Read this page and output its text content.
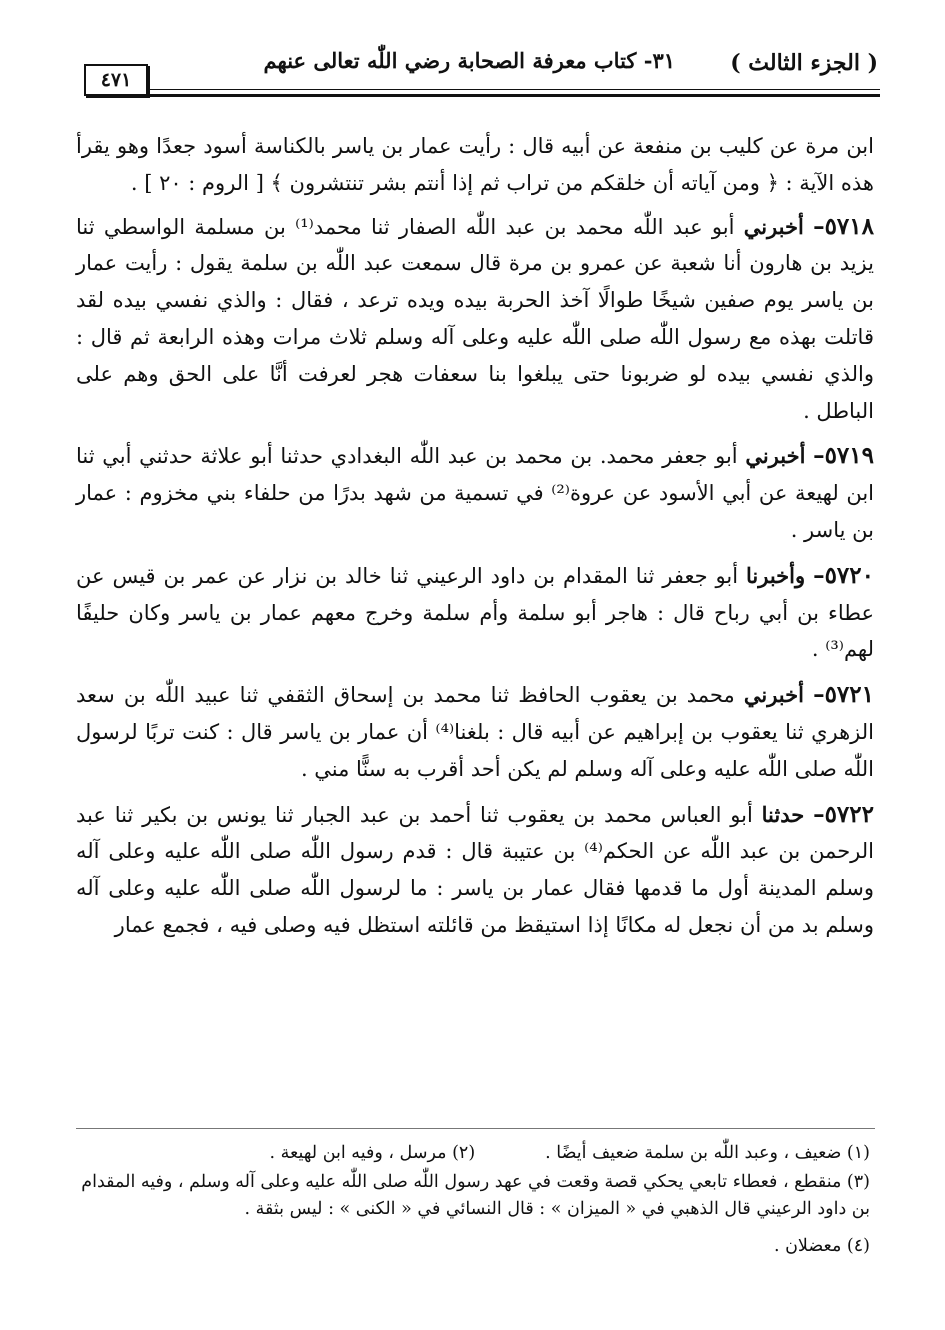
( الجزء الثالث )
٣١- كتاب معرفة الصحابة رضي اللّٰه تعالى عنهم
٤٧١

ابن مرة عن كليب بن منفعة عن أبيه قال : رأيت عمار بن ياسر بالكناسة أسود جعدًا وهو يقرأ هذه الآية : ﴿ ومن آياته أن خلقكم من تراب ثم إذا أنتم بشر تنتشرون ﴾ [ الروم : ٢٠ ] .

٥٧١٨– أخبرني أبو عبد اللّٰه محمد بن عبد اللّٰه الصفار ثنا محمد⁽¹⁾ بن مسلمة الواسطي ثنا يزيد بن هارون أنا شعبة عن عمرو بن مرة قال سمعت عبد اللّٰه بن سلمة يقول : رأيت عمار بن ياسر يوم صفين شيخًا طوالًا آخذ الحربة بيده ويده ترعد ، فقال : والذي نفسي بيده لقد قاتلت بهذه مع رسول اللّٰه صلى اللّٰه عليه وعلى آله وسلم ثلاث مرات وهذه الرابعة ثم قال : والذي نفسي بيده لو ضربونا حتى يبلغوا بنا سعفات هجر لعرفت أنَّا على الحق وهم على الباطل .

٥٧١٩– أخبرني أبو جعفر محمد. بن محمد بن عبد اللّٰه البغدادي حدثنا أبو علاثة حدثني أبي ثنا ابن لهيعة عن أبي الأسود عن عروة⁽²⁾ في تسمية من شهد بدرًا من حلفاء بني مخزوم : عمار بن ياسر .

٥٧٢٠– وأخبرنا أبو جعفر ثنا المقدام بن داود الرعيني ثنا خالد بن نزار عن عمر بن قيس عن عطاء بن أبي رباح قال : هاجر أبو سلمة وأم سلمة وخرج معهم عمار بن ياسر وكان حليفًا لهم⁽³⁾ .

٥٧٢١– أخبرني محمد بن يعقوب الحافظ ثنا محمد بن إسحاق الثقفي ثنا عبيد اللّٰه بن سعد الزهري ثنا يعقوب بن إبراهيم عن أبيه قال : بلغنا⁽⁴⁾ أن عمار بن ياسر قال : كنت تربًا لرسول اللّٰه صلى اللّٰه عليه وعلى آله وسلم لم يكن أحد أقرب به سنًّا مني .

٥٧٢٢– حدثنا أبو العباس محمد بن يعقوب ثنا أحمد بن عبد الجبار ثنا يونس بن بكير ثنا عبد الرحمن بن عبد اللّٰه عن الحكم⁽⁴⁾ بن عتيبة قال : قدم رسول اللّٰه صلى اللّٰه عليه وعلى آله وسلم المدينة أول ما قدمها فقال عمار بن ياسر : ما لرسول اللّٰه صلى اللّٰه عليه وعلى آله وسلم بد من أن نجعل له مكانًا إذا استيقظ من قائلته استظل فيه وصلى فيه ، فجمع عمار

(١) ضعيف ، وعبد اللّٰه بن سلمة ضعيف أيضًا .
(٢) مرسل ، وفيه ابن لهيعة .
(٣) منقطع ، فعطاء تابعي يحكي قصة وقعت في عهد رسول اللّٰه صلى اللّٰه عليه وعلى آله وسلم ، وفيه المقدام بن داود الرعيني قال الذهبي في « الميزان » : قال النسائي في « الكنى » : ليس بثقة .
(٤) معضلان .
